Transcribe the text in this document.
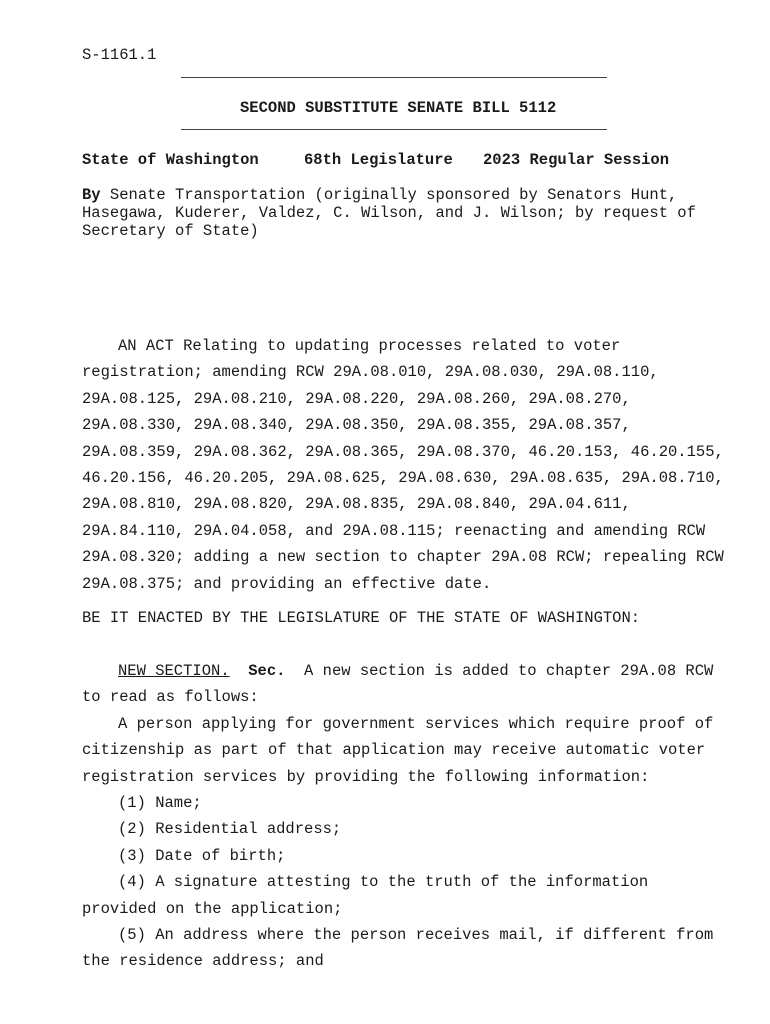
S-1161.1
SECOND SUBSTITUTE SENATE BILL 5112
State of Washington	68th Legislature 2023 Regular Session
By Senate Transportation (originally sponsored by Senators Hunt,
Hasegawa, Kuderer, Valdez, C. Wilson, and J. Wilson; by request of
Secretary of State)
AN ACT Relating to updating processes related to voter
registration; amending RCW 29A.08.010, 29A.08.030, 29A.08.110,
29A.08.125, 29A.08.210, 29A.08.220, 29A.08.260, 29A.08.270,
29A.08.330, 29A.08.340, 29A.08.350, 29A.08.355, 29A.08.357,
29A.08.359, 29A.08.362, 29A.08.365, 29A.08.370, 46.20.153, 46.20.155,
46.20.156, 46.20.205, 29A.08.625, 29A.08.630, 29A.08.635, 29A.08.710,
29A.08.810, 29A.08.820, 29A.08.835, 29A.08.840, 29A.04.611,
29A.84.110, 29A.04.058, and 29A.08.115; reenacting and amending RCW
29A.08.320; adding a new section to chapter 29A.08 RCW; repealing RCW
29A.08.375; and providing an effective date.
BE IT ENACTED BY THE LEGISLATURE OF THE STATE OF WASHINGTON:
NEW SECTION. Sec.  A new section is added to chapter 29A.08 RCW
to read as follows:
A person applying for government services which require proof of
citizenship as part of that application may receive automatic voter
registration services by providing the following information:
(1) Name;
(2) Residential address;
(3) Date of birth;
(4) A signature attesting to the truth of the information
provided on the application;
(5) An address where the person receives mail, if different from
the residence address; and
